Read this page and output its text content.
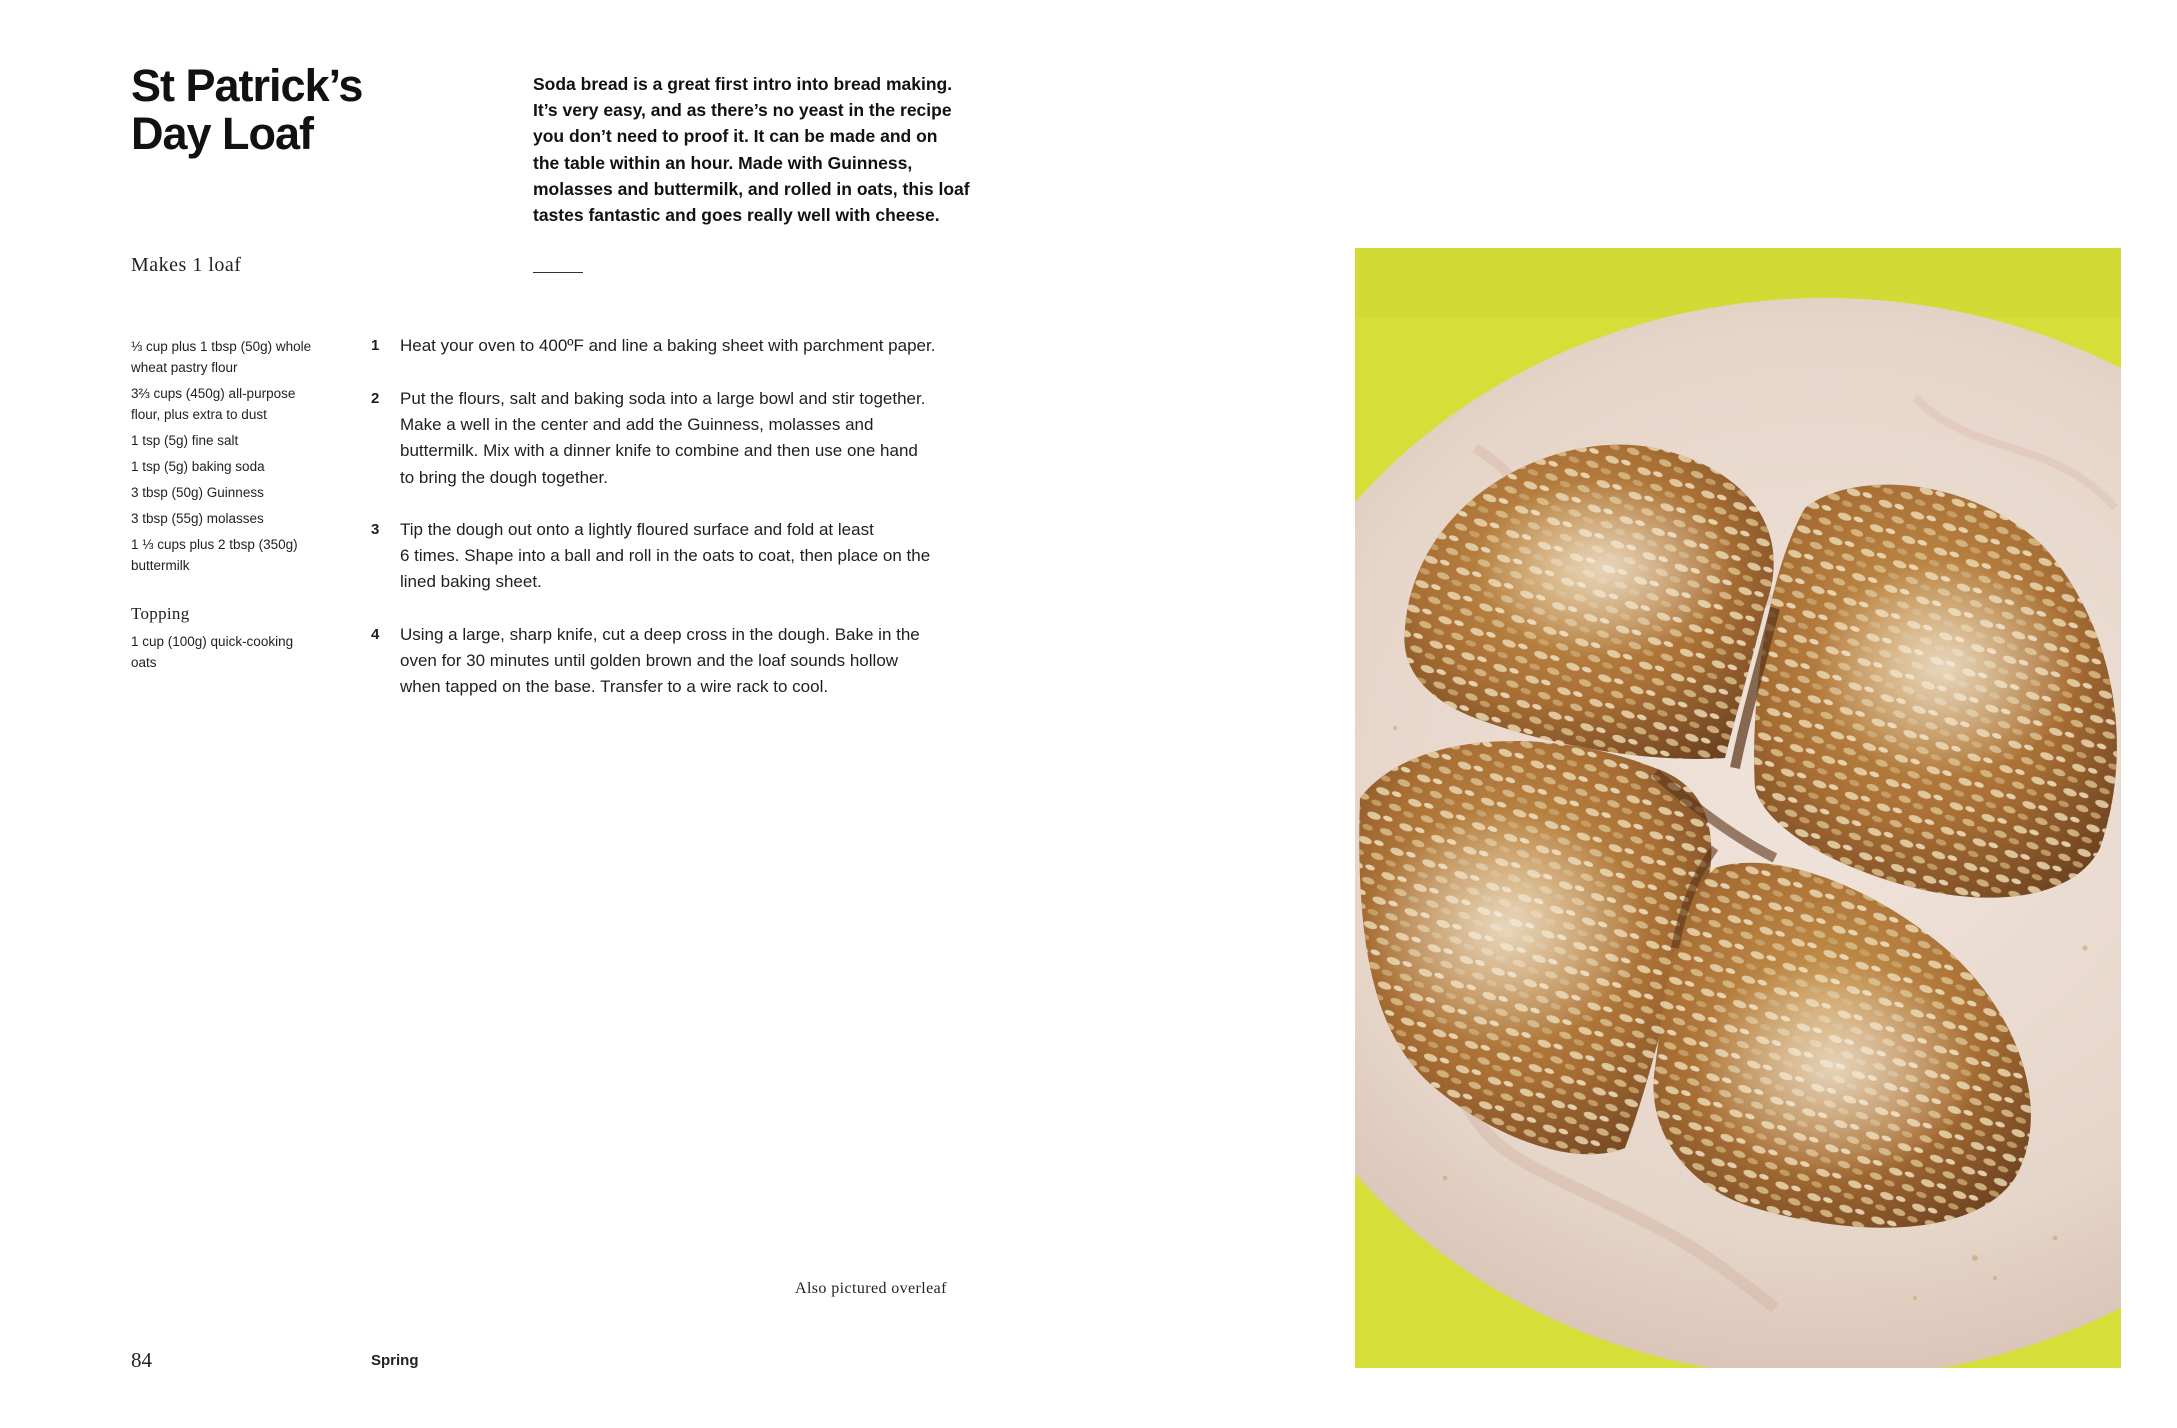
St Patrick’s
Day Loaf

Soda bread is a great first intro into bread making.
It’s very easy, and as there’s no yeast in the recipe
you don’t need to proof it. It can be made and on
the table within an hour. Made with Guinness,
molasses and buttermilk, and rolled in oats, this loaf
tastes fantastic and goes really well with cheese.

Makes 1 loaf
⅓ cup plus 1 tbsp (50g) whole
wheat pastry flour
3⅔ cups (450g) all-purpose
flour, plus extra to dust
1 tsp (5g) fine salt
1 tsp (5g) baking soda
3 tbsp (50g) Guinness
3 tbsp (55g) molasses
1 ⅓ cups plus 2 tbsp (350g)
buttermilk
Topping
1 cup (100g) quick-cooking
oats
1 Heat your oven to 400ºF and line a baking sheet with parchment paper.
2 Put the flours, salt and baking soda into a large bowl and stir together.
Make a well in the center and add the Guinness, molasses and
buttermilk. Mix with a dinner knife to combine and then use one hand
to bring the dough together.
3 Tip the dough out onto a lightly floured surface and fold at least
6 times. Shape into a ball and roll in the oats to coat, then place on the
lined baking sheet.
4 Using a large, sharp knife, cut a deep cross in the dough. Bake in the
oven for 30 minutes until golden brown and the loaf sounds hollow
when tapped on the base. Transfer to a wire rack to cool.
Also pictured overleaf
84	Spring
